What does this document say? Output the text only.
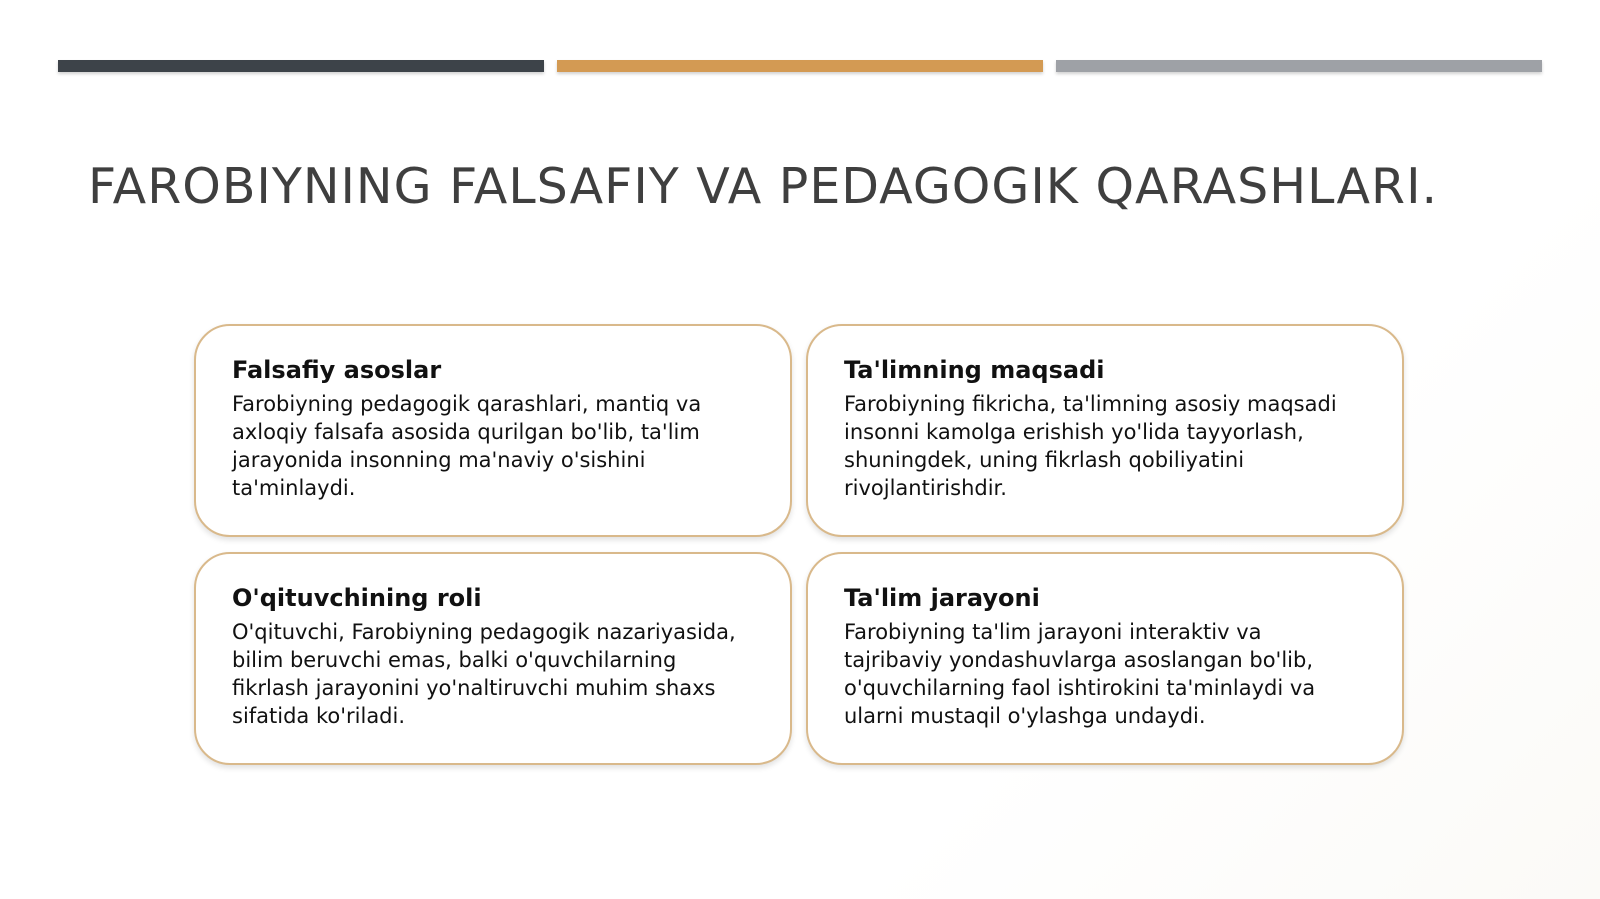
FAROBIYNING FALSAFIY VA PEDAGOGIK QARASHLARI.
Falsafiy asoslar

Farobiyning pedagogik qarashlari, mantiq va
axloqiy falsafa asosida qurilgan bo'lib, ta'lim
jarayonida insonning ma'naviy o'sishini
ta'minlaydi.

Ta'limning maqsadi

Farobiyning fikricha, ta'limning asosiy maqsadi
insonni kamolga erishish yo'lida tayyorlash,
shuningdek, uning fikrlash qobiliyatini
rivojlantirishdir.

O'qituvchining roli

O'qituvchi, Farobiyning pedagogik nazariyasida,
bilim beruvchi emas, balki o'quvchilarning
fikrlash jarayonini yo'naltiruvchi muhim shaxs
sifatida ko'riladi.

Ta'lim jarayoni

Farobiyning ta'lim jarayoni interaktiv va
tajribaviy yondashuvlarga asoslangan bo'lib,
o'quvchilarning faol ishtirokini ta'minlaydi va
ularni mustaqil o'ylashga undaydi.
